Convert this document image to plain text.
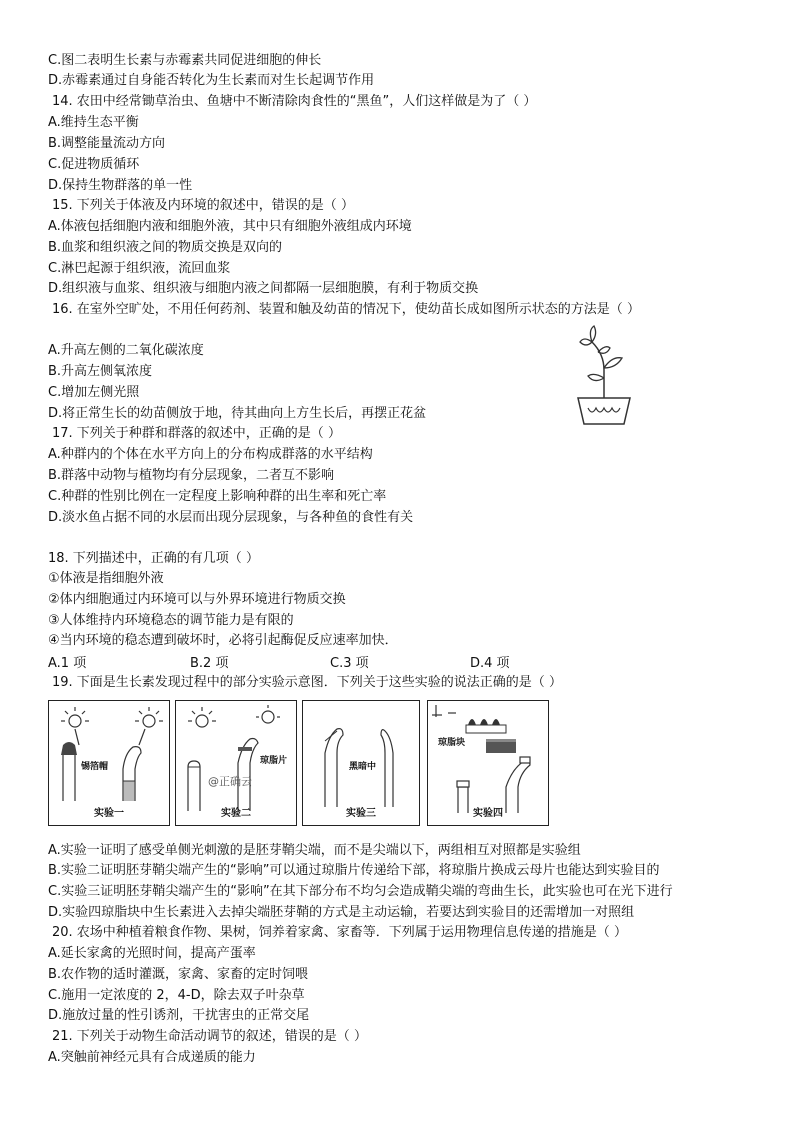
C.图二表明生长素与赤霉素共同促进细胞的伸长
D.赤霉素通过自身能否转化为生长素而对生长起调节作用
14. 农田中经常锄草治虫、鱼塘中不断清除肉食性的“黑鱼”，人们这样做是为了（ ）
A.维持生态平衡
B.调整能量流动方向
C.促进物质循环
D.保持生物群落的单一性
15. 下列关于体液及内环境的叙述中，错误的是（ ）
A.体液包括细胞内液和细胞外液，其中只有细胞外液组成内环境
B.血浆和组织液之间的物质交换是双向的
C.淋巴起源于组织液，流回血浆
D.组织液与血浆、组织液与细胞内液之间都隔一层细胞膜，有利于物质交换
16. 在室外空旷处，不用任何药剂、装置和触及幼苗的情况下，使幼苗长成如图所示状态的方法是（ ）
A.升高左侧的二氧化碳浓度
B.升高左侧氧浓度
C.增加左侧光照
D.将正常生长的幼苗侧放于地，待其曲向上方生长后，再摆正花盆
17. 下列关于种群和群落的叙述中，正确的是（ ）
A.种群内的个体在水平方向上的分布构成群落的水平结构
B.群落中动物与植物均有分层现象，二者互不影响
C.种群的性别比例在一定程度上影响种群的出生率和死亡率
D.淡水鱼占据不同的水层而出现分层现象，与各种鱼的食性有关
18. 下列描述中，正确的有几项（ ）
①体液是指细胞外液
②体内细胞通过内环境可以与外界环境进行物质交换
③人体维持内环境稳态的调节能力是有限的
④当内环境的稳态遭到破坏时，必将引起酶促反应速率加快．
19. 下面是生长素发现过程中的部分实验示意图．下列关于这些实验的说法正确的是（ ）
A.实验一证明了感受单侧光刺激的是胚芽鞘尖端，而不是尖端以下，两组相互对照都是实验组
B.实验二证明胚芽鞘尖端产生的“影响”可以通过琼脂片传递给下部，将琼脂片换成云母片也能达到实验目的
C.实验三证明胚芽鞘尖端产生的“影响”在其下部分布不均匀会造成鞘尖端的弯曲生长，此实验也可在光下进行
D.实验四琼脂块中生长素进入去掉尖端胚芽鞘的方式是主动运输，若要达到实验目的还需增加一对照组
20. 农场中种植着粮食作物、果树，饲养着家禽、家畜等．下列属于运用物理信息传递的措施是（ ）
A.延长家禽的光照时间，提高产蛋率
B.农作物的适时灌溉，家禽、家畜的定时饲喂
C.施用一定浓度的 2，4-D，除去双子叶杂草
D.施放过量的性引诱剂，干扰害虫的正常交尾
21. 下列关于动物生命活动调节的叙述，错误的是（ ）
A.突触前神经元具有合成递质的能力
A.1 项	B.2 项	C.3 项	D.4 项
锡箔帽
实验一
琼脂片
@正确云
实验二
黑暗中
实验三
琼脂块
实验四
